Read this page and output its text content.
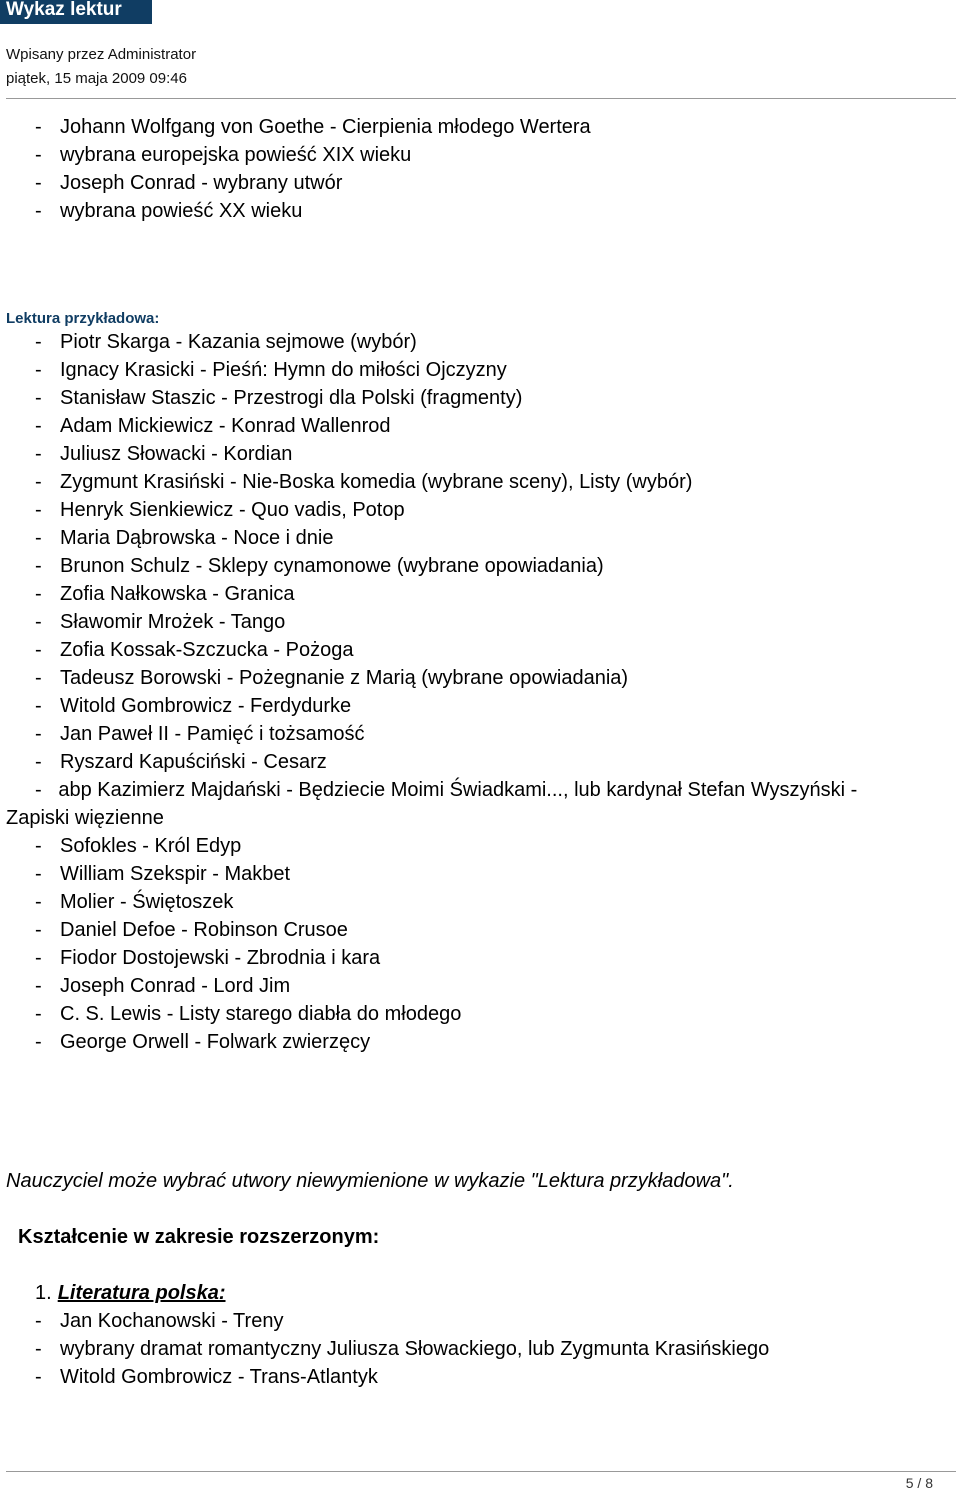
Wykaz lektur
Wpisany przez Administrator
piątek, 15 maja 2009 09:46
- Johann Wolfgang von Goethe - Cierpienia młodego Wertera
- wybrana europejska powieść XIX wieku
- Joseph Conrad - wybrany utwór
- wybrana powieść XX wieku
Lektura przykładowa:
- Piotr Skarga - Kazania sejmowe (wybór)
- Ignacy Krasicki - Pieśń: Hymn do miłości Ojczyzny
- Stanisław Staszic - Przestrogi dla Polski (fragmenty)
- Adam Mickiewicz - Konrad Wallenrod
- Juliusz Słowacki - Kordian
- Zygmunt Krasiński - Nie-Boska komedia (wybrane sceny), Listy (wybór)
- Henryk Sienkiewicz - Quo vadis, Potop
- Maria Dąbrowska - Noce i dnie
- Brunon Schulz - Sklepy cynamonowe (wybrane opowiadania)
- Zofia Nałkowska - Granica
- Sławomir Mrożek - Tango
- Zofia Kossak-Szczucka - Pożoga
- Tadeusz Borowski - Pożegnanie z Marią (wybrane opowiadania)
- Witold Gombrowicz - Ferdydurke
- Jan Paweł II - Pamięć i tożsamość
- Ryszard Kapuściński - Cesarz
- abp Kazimierz Majdański - Będziecie Moimi Świadkami..., lub kardynał Stefan Wyszyński -
Zapiski więzienne
- Sofokles - Król Edyp
- William Szekspir - Makbet
- Molier - Świętoszek
- Daniel Defoe - Robinson Crusoe
- Fiodor Dostojewski - Zbrodnia i kara
- Joseph Conrad - Lord Jim
- C. S. Lewis - Listy starego diabła do młodego
- George Orwell - Folwark zwierzęcy
Nauczyciel może wybrać utwory niewymienione w wykazie "Lektura przykładowa".
Kształcenie w zakresie rozszerzonym:
1. Literatura polska:
- Jan Kochanowski - Treny
- wybrany dramat romantyczny Juliusza Słowackiego, lub Zygmunta Krasińskiego
- Witold Gombrowicz - Trans-Atlantyk
5 / 8
